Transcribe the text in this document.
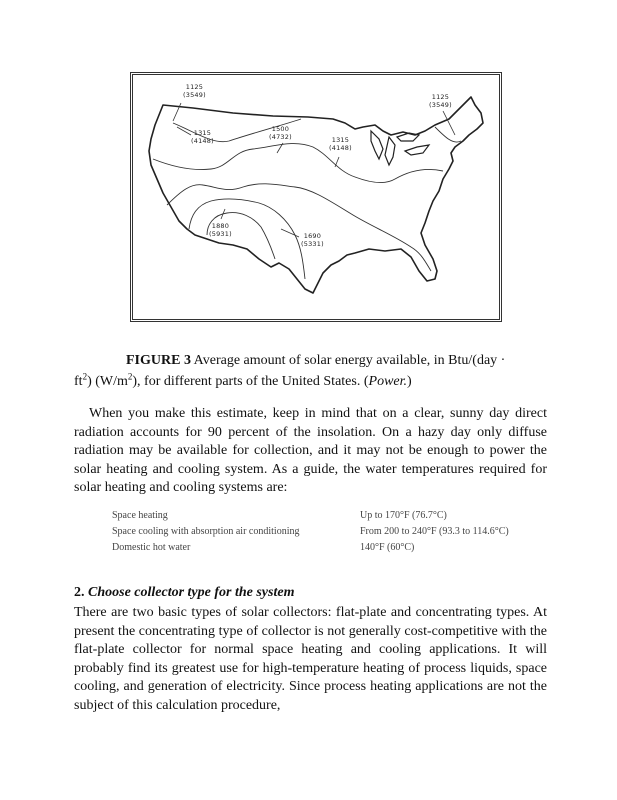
1125
(3549)	1125
(3549)
1315
(4148)
1500
(4732)	1315
(4148)
1880
(5931)	1690
(5331)
FIGURE 3 Average amount of solar energy available, in Btu/(day ·
$ft^2$) $(W/m^2)$, for different parts of the United States. (Power.)
When you make this estimate, keep in mind that on a clear, sunny day direct radiation accounts for 90 percent of the insolation. On a hazy day only diffuse radiation may be available for collection, and it may not be enough to power the solar heating and cooling system. As a guide, the water temperatures required for solar heating and cooling systems are:
Space heating	Up to 170°F (76.7°C)
Space cooling with absorption air conditioning	From 200 to 240°F (93.3 to 114.6°C)
Domestic hot water	140°F (60°C)
2. Choose collector type for the system
There are two basic types of solar collectors: flat-plate and concentrating types. At present the concentrating type of collector is not generally cost-competitive with the flat-plate collector for normal space heating and cooling applications. It will probably find its greatest use for high-temperature heating of process liquids, space cooling, and generation of electricity. Since process heating applications are not the subject of this calculation procedure,
